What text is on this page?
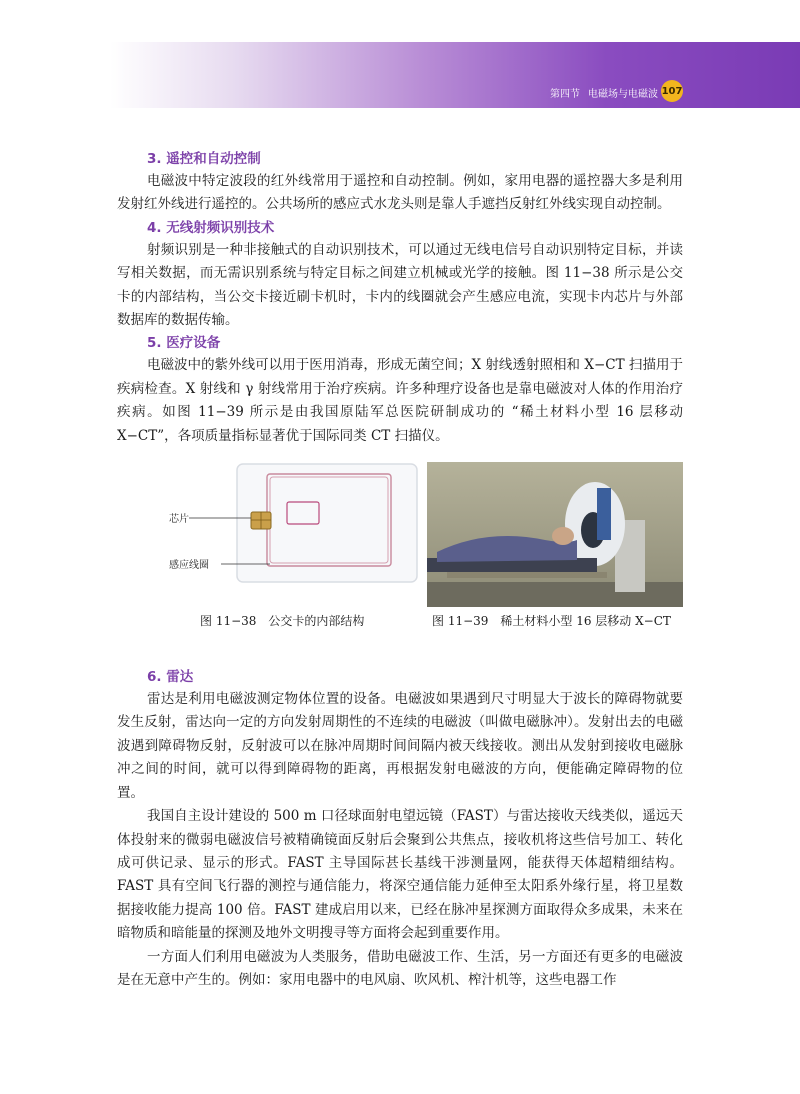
第四节 电磁场与电磁波 107
3. 遥控和自动控制

电磁波中特定波段的红外线常用于遥控和自动控制。例如，家用电器的遥控器大多是利用发射红外线进行遥控的。公共场所的感应式水龙头则是靠人手遮挡反射红外线实现自动控制。

4. 无线射频识别技术

射频识别是一种非接触式的自动识别技术，可以通过无线电信号自动识别特定目标，并读写相关数据，而无需识别系统与特定目标之间建立机械或光学的接触。图 11−38 所示是公交卡的内部结构，当公交卡接近刷卡机时，卡内的线圈就会产生感应电流，实现卡内芯片与外部数据库的数据传输。

5. 医疗设备

电磁波中的紫外线可以用于医用消毒，形成无菌空间；X 射线透射照相和 X−CT 扫描用于疾病检查。X 射线和 γ 射线常用于治疗疾病。许多种理疗设备也是靠电磁波对人体的作用治疗疾病。如图 11−39 所示是由我国原陆军总医院研制成功的 “稀土材料小型 16 层移动 X−CT”，各项质量指标显著优于国际同类 CT 扫描仪。

芯片
感应线圈
图 11−38　公交卡的内部结构	图 11−39　稀土材料小型 16 层移动 X−CT
6. 雷达

雷达是利用电磁波测定物体位置的设备。电磁波如果遇到尺寸明显大于波长的障碍物就要发生反射，雷达向一定的方向发射周期性的不连续的电磁波（叫做电磁脉冲）。发射出去的电磁波遇到障碍物反射，反射波可以在脉冲周期时间间隔内被天线接收。测出从发射到接收电磁脉冲之间的时间，就可以得到障碍物的距离，再根据发射电磁波的方向，便能确定障碍物的位置。

我国自主设计建设的 500 m 口径球面射电望远镜（FAST）与雷达接收天线类似，遥远天体投射来的微弱电磁波信号被精确镜面反射后会聚到公共焦点，接收机将这些信号加工、转化成可供记录、显示的形式。FAST 主导国际甚长基线干涉测量网，能获得天体超精细结构。FAST 具有空间飞行器的测控与通信能力，将深空通信能力延伸至太阳系外缘行星，将卫星数据接收能力提高 100 倍。FAST 建成启用以来，已经在脉冲星探测方面取得众多成果，未来在暗物质和暗能量的探测及地外文明搜寻等方面将会起到重要作用。

一方面人们利用电磁波为人类服务，借助电磁波工作、生活，另一方面还有更多的电磁波是在无意中产生的。例如：家用电器中的电风扇、吹风机、榨汁机等，这些电器工作
